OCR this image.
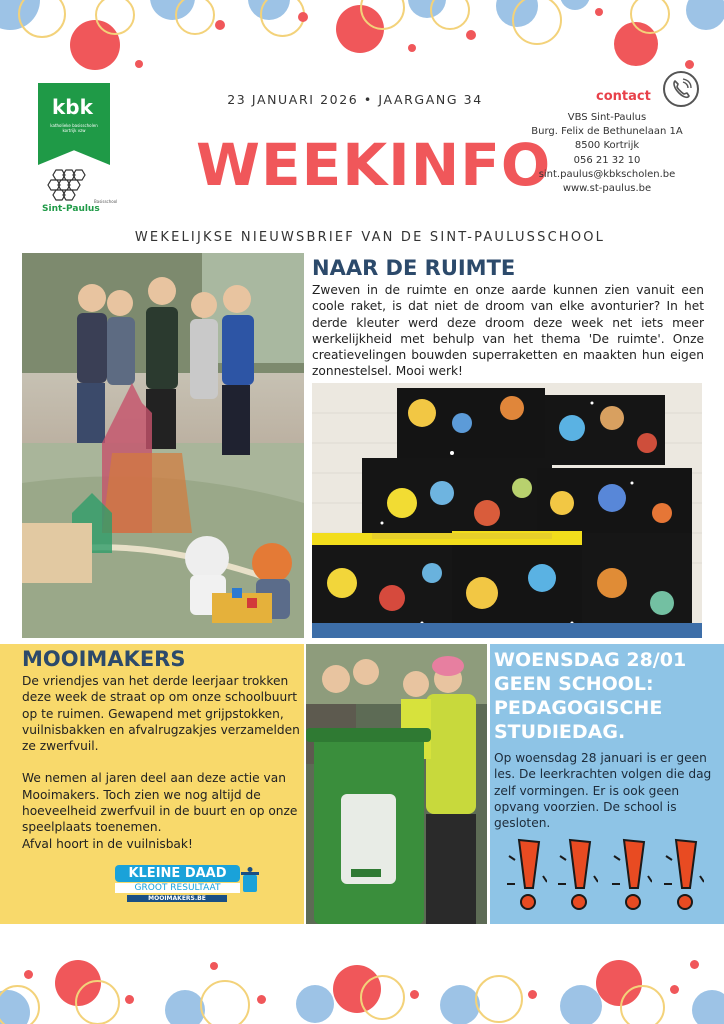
kbk
katholieke basisscholen kortrijk vzw
Sint-Paulus
Basisschool
23 JANUARI 2026 • JAARGANG 34
WEEKINFO
contact
VBS Sint-Paulus
Burg. Felix de Bethunelaan 1A
8500 Kortrijk
056 21 32 10
sint.paulus@kbkscholen.be
www.st-paulus.be
WEKELIJKSE NIEUWSBRIEF VAN DE SINT-PAULUSSCHOOL
NAAR DE RUIMTE
Zweven in de ruimte en onze aarde kunnen zien vanuit een coole raket, is dat niet de droom van elke avonturier? In het derde kleuter werd deze droom deze week net iets meer werkelijkheid met behulp van het thema 'De ruimte'. Onze creatievelingen bouwden superraketten en maakten hun eigen zonnestelsel. Mooi werk!
MOOIMAKERS

De vriendjes van het derde leerjaar trokken deze week de straat op om onze schoolbuurt op te ruimen. Gewapend met grijpstokken, vuilnisbakken en afvalrugzakjes verzamelden ze zwerfvuil.

We nemen al jaren deel aan deze actie van Mooimakers. Toch zien we nog altijd de hoeveelheid zwerfvuil in de buurt en op onze speelplaats toenemen.
Afval hoort in de vuilnisbak!

KLEINE DAAD
GROOT RESULTAAT
MOOIMAKERS.BE
WOENSDAG 28/01 GEEN SCHOOL: PEDAGOGISCHE STUDIEDAG.
Op woensdag 28 januari is er geen les. De leerkrachten volgen die dag zelf vormingen. Er is ook geen opvang voorzien. De school is gesloten.
